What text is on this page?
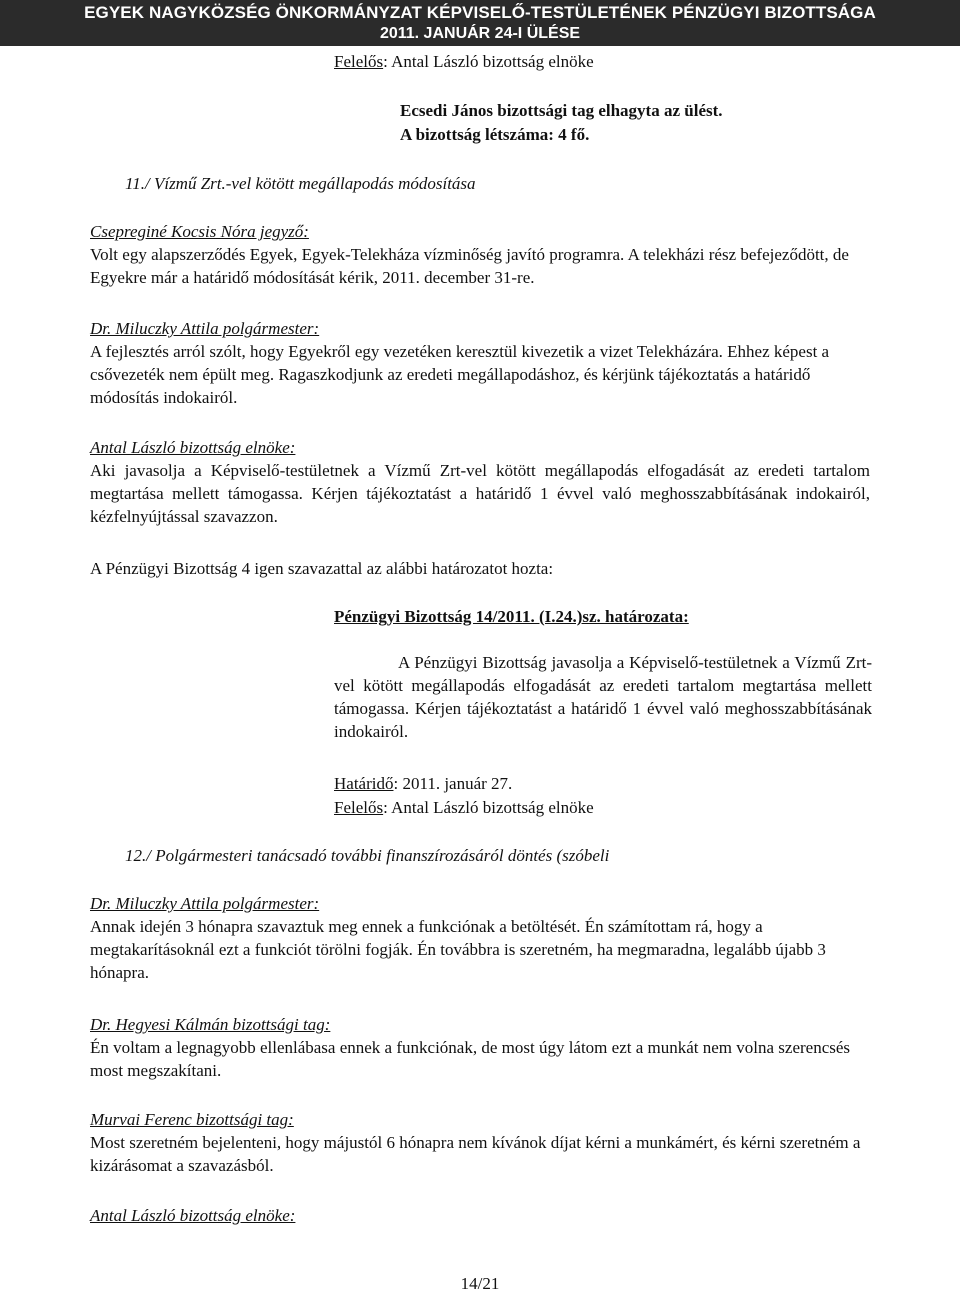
EGYEK NAGYKÖZSÉG ÖNKORMÁNYZAT KÉPVISELŐ-TESTÜLETÉNEK PÉNZÜGYI BIZOTTSÁGA
2011. JANUÁR 24-I ÜLÉSE
Felelős: Antal László bizottság elnöke
Ecsedi János bizottsági tag elhagyta az ülést.
A bizottság létszáma: 4 fő.
11./ Vízmű Zrt.-vel kötött megállapodás módosítása
Csepreginé Kocsis Nóra jegyző:
Volt egy alapszerződés Egyek, Egyek-Telekháza vízminőség javító programra. A telekházi rész befejeződött, de Egyekre már a határidő módosítását kérik, 2011. december 31-re.
Dr. Miluczky Attila polgármester:
A fejlesztés arról szólt, hogy Egyekről egy vezetéken keresztül kivezetik a vizet Telekházára. Ehhez képest a csővezeték nem épült meg. Ragaszkodjunk az eredeti megállapodáshoz, és kérjünk tájékoztatás a határidő módosítás indokairól.
Antal László bizottság elnöke:
Aki javasolja a Képviselő-testületnek a Vízmű Zrt-vel kötött megállapodás elfogadását az eredeti tartalom megtartása mellett támogassa. Kérjen tájékoztatást a határidő 1 évvel való meghosszabbításának indokairól, kézfelnyújtással szavazzon.
A Pénzügyi Bizottság 4 igen szavazattal az alábbi határozatot hozta:
Pénzügyi Bizottság 14/2011. (I.24.)sz. határozata:
A Pénzügyi Bizottság javasolja a Képviselő-testületnek a Vízmű Zrt-vel kötött megállapodás elfogadását az eredeti tartalom megtartása mellett támogassa. Kérjen tájékoztatást a határidő 1 évvel való meghosszabbításának indokairól.
Határidő: 2011. január 27.
Felelős: Antal László bizottság elnöke
12./ Polgármesteri tanácsadó további finanszírozásáról döntés (szóbeli
Dr. Miluczky Attila polgármester:
Annak idején 3 hónapra szavaztuk meg ennek a funkciónak a betöltését. Én számítottam rá, hogy a megtakarításoknál ezt a funkciót törölni fogják. Én továbbra is szeretném, ha megmaradna, legalább újabb 3 hónapra.
Dr. Hegyesi Kálmán bizottsági tag:
Én voltam a legnagyobb ellenlábasa ennek a funkciónak, de most úgy látom ezt a munkát nem volna szerencsés most megszakítani.
Murvai Ferenc bizottsági tag:
Most szeretném bejelenteni, hogy májustól 6 hónapra nem kívánok díjat kérni a munkámért, és kérni szeretném a kizárásomat a szavazásból.
Antal László bizottság elnöke:
14/21
